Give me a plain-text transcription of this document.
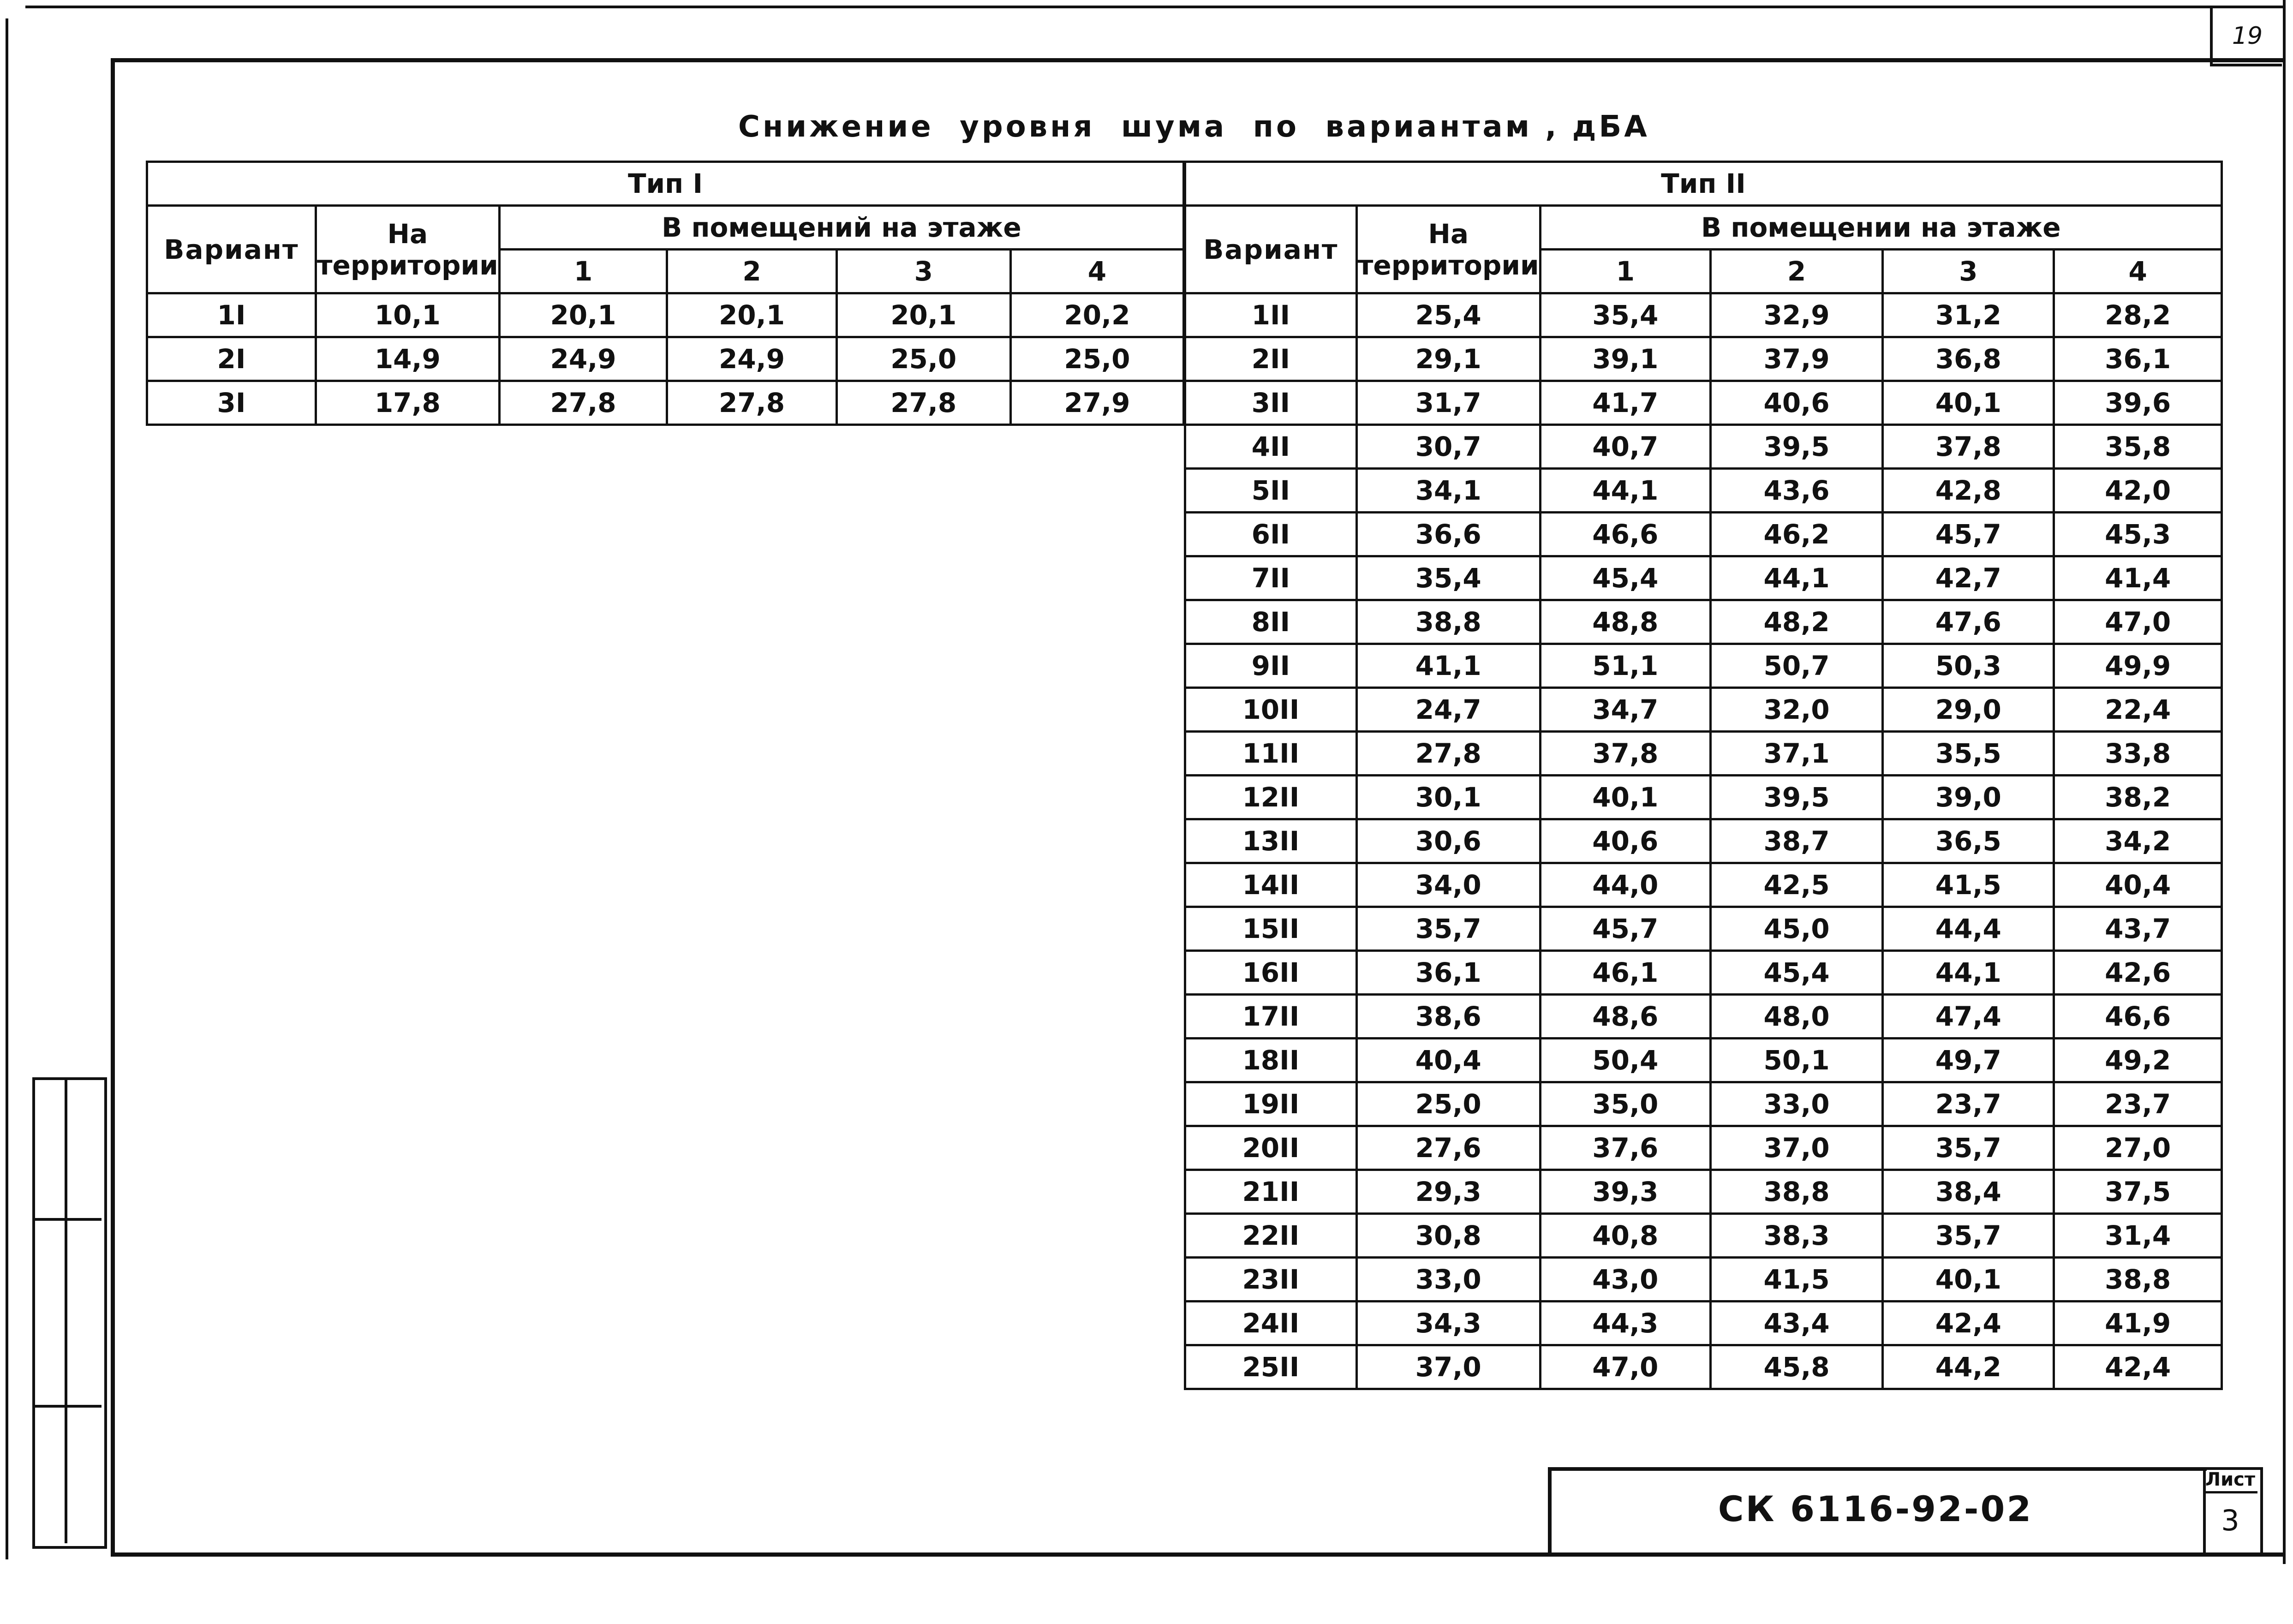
19
Снижение  уровня  шума  по  вариантам , дБА
Тип I					
Вариант	На территории	В помещений на этаже			
		1	2	3	4
1I	10,1	20,1	20,1	20,1	20,2
2I	14,9	24,9	24,9	25,0	25,0
3I	17,8	27,8	27,8	27,8	27,9
Тип II					
Вариант	На территории	В помещении на этаже			
		1	2	3	4
1II	25,4	35,4	32,9	31,2	28,2
2II	29,1	39,1	37,9	36,8	36,1
3II	31,7	41,7	40,6	40,1	39,6
4II	30,7	40,7	39,5	37,8	35,8
5II	34,1	44,1	43,6	42,8	42,0
6II	36,6	46,6	46,2	45,7	45,3
7II	35,4	45,4	44,1	42,7	41,4
8II	38,8	48,8	48,2	47,6	47,0
9II	41,1	51,1	50,7	50,3	49,9
10II	24,7	34,7	32,0	29,0	22,4
11II	27,8	37,8	37,1	35,5	33,8
12II	30,1	40,1	39,5	39,0	38,2
13II	30,6	40,6	38,7	36,5	34,2
14II	34,0	44,0	42,5	41,5	40,4
15II	35,7	45,7	45,0	44,4	43,7
16II	36,1	46,1	45,4	44,1	42,6
17II	38,6	48,6	48,0	47,4	46,6
18II	40,4	50,4	50,1	49,7	49,2
19II	25,0	35,0	33,0	23,7	23,7
20II	27,6	37,6	37,0	35,7	27,0
21II	29,3	39,3	38,8	38,4	37,5
22II	30,8	40,8	38,3	35,7	31,4
23II	33,0	43,0	41,5	40,1	38,8
24II	34,3	44,3	43,4	42,4	41,9
25II	37,0	47,0	45,8	44,2	42,4
СК 6116-92-02
Лист
3
